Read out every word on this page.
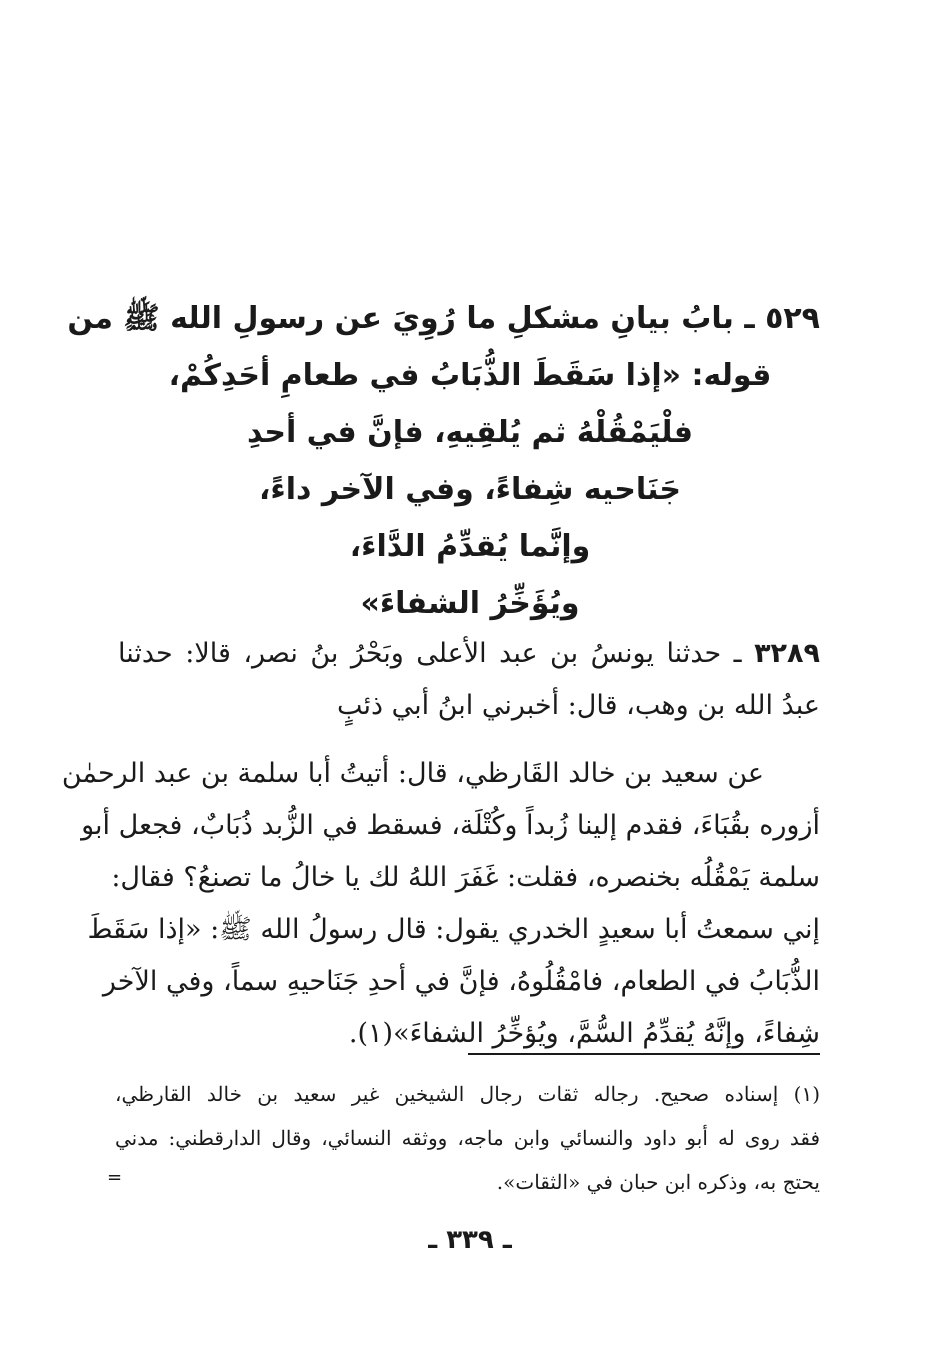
٥٢٩ ـ بابُ بيانِ مشكلِ ما رُوِيَ عن رسولِ الله ﷺ من
قوله: «إذا سَقَطَ الذُّبَابُ في طعامِ أحَدِكُمْ،
فلْيَمْقُلْهُ ثم يُلقِيهِ، فإنَّ في أحدِ
جَنَاحيه شِفاءً، وفي الآخر داءً،
وإنَّما يُقدِّمُ الدَّاءَ،
ويُؤَخِّرُ الشفاءَ»

٣٢٨٩ ـ حدثنا يونسُ بن عبد الأعلى وبَحْرُ بنُ نصر، قالا: حدثنا
عبدُ الله بن وهب، قال: أخبرني ابنُ أبي ذئبٍ

عن سعيد بن خالد القَارظي، قال: أتيتُ أبا سلمة بن عبد الرحمٰن
أزوره بقُبَاءَ، فقدم إلينا زُبداً وكُتْلَة، فسقط في الزُّبد ذُبَابٌ، فجعل أبو
سلمة يَمْقُلُه بخنصره، فقلت: غَفَرَ اللهُ لك يا خالُ ما تصنعُ؟ فقال:
إني سمعتُ أبا سعيدٍ الخدري يقول: قال رسولُ الله ﷺ: «إذا سَقَطَ
الذُّبَابُ في الطعام، فامْقُلُوهُ، فإنَّ في أحدِ جَنَاحيهِ سماً، وفي الآخر
شِفاءً، وإنَّهُ يُقدِّمُ السُّمَّ، ويُؤخِّرُ الشفاءَ»(١).

(١) إسناده صحيح. رجاله ثقات رجال الشيخين غير سعيد بن خالد القارظي،
فقد روى له أبو داود والنسائي وابن ماجه، ووثقه النسائي، وقال الدارقطني: مدني
يحتج به، وذكره ابن حبان في «الثقات».
=
ـ ٣٣٩ ـ
